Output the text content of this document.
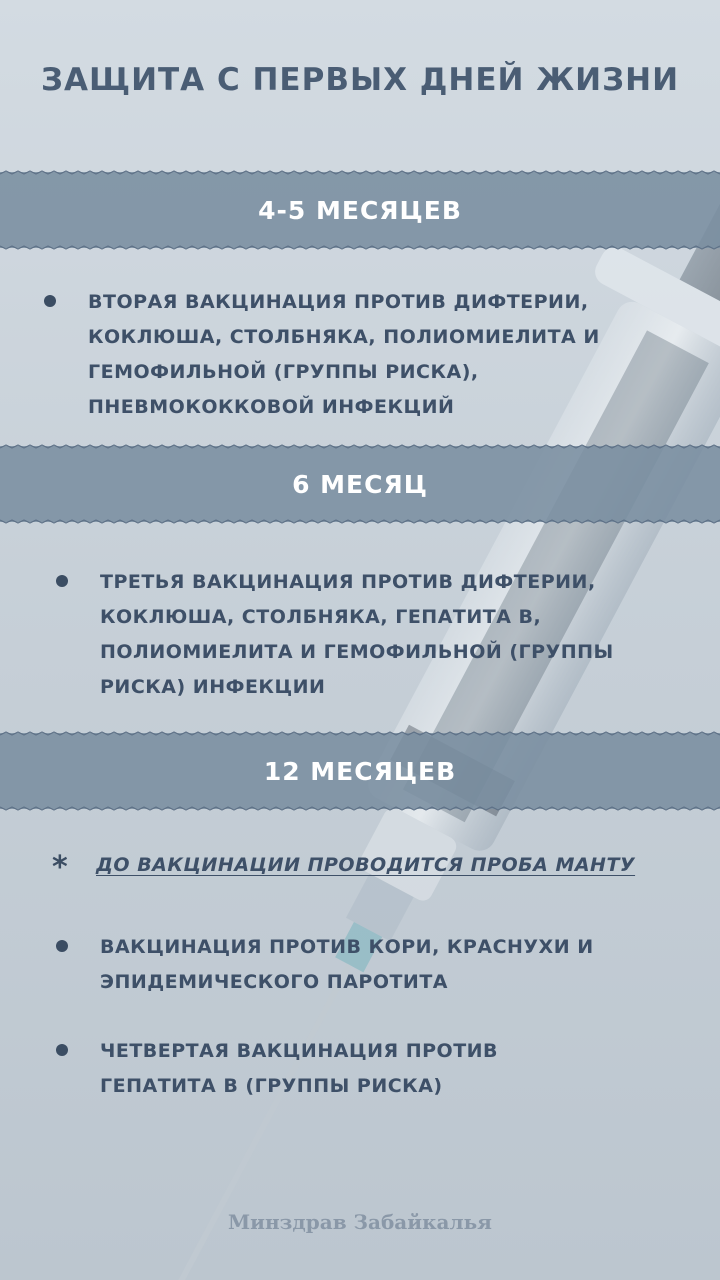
ЗАЩИТА С ПЕРВЫХ ДНЕЙ ЖИЗНИ
4-5 МЕСЯЦЕВ
ВТОРАЯ ВАКЦИНАЦИЯ ПРОТИВ ДИФТЕРИИ, КОКЛЮША, СТОЛБНЯКА, ПОЛИОМИЕЛИТА И ГЕМОФИЛЬНОЙ (ГРУППЫ РИСКА), ПНЕВМОКОККОВОЙ ИНФЕКЦИЙ
6 МЕСЯЦ
ТРЕТЬЯ ВАКЦИНАЦИЯ ПРОТИВ ДИФТЕРИИ, КОКЛЮША, СТОЛБНЯКА, ГЕПАТИТА В, ПОЛИОМИЕЛИТА И ГЕМОФИЛЬНОЙ (ГРУППЫ РИСКА) ИНФЕКЦИИ
12 МЕСЯЦЕВ
* ДО ВАКЦИНАЦИИ ПРОВОДИТСЯ ПРОБА МАНТУ
ВАКЦИНАЦИЯ ПРОТИВ КОРИ, КРАСНУХИ И ЭПИДЕМИЧЕСКОГО ПАРОТИТА
ЧЕТВЕРТАЯ ВАКЦИНАЦИЯ ПРОТИВ ГЕПАТИТА В (ГРУППЫ РИСКА)
Минздрав Забайкалья
